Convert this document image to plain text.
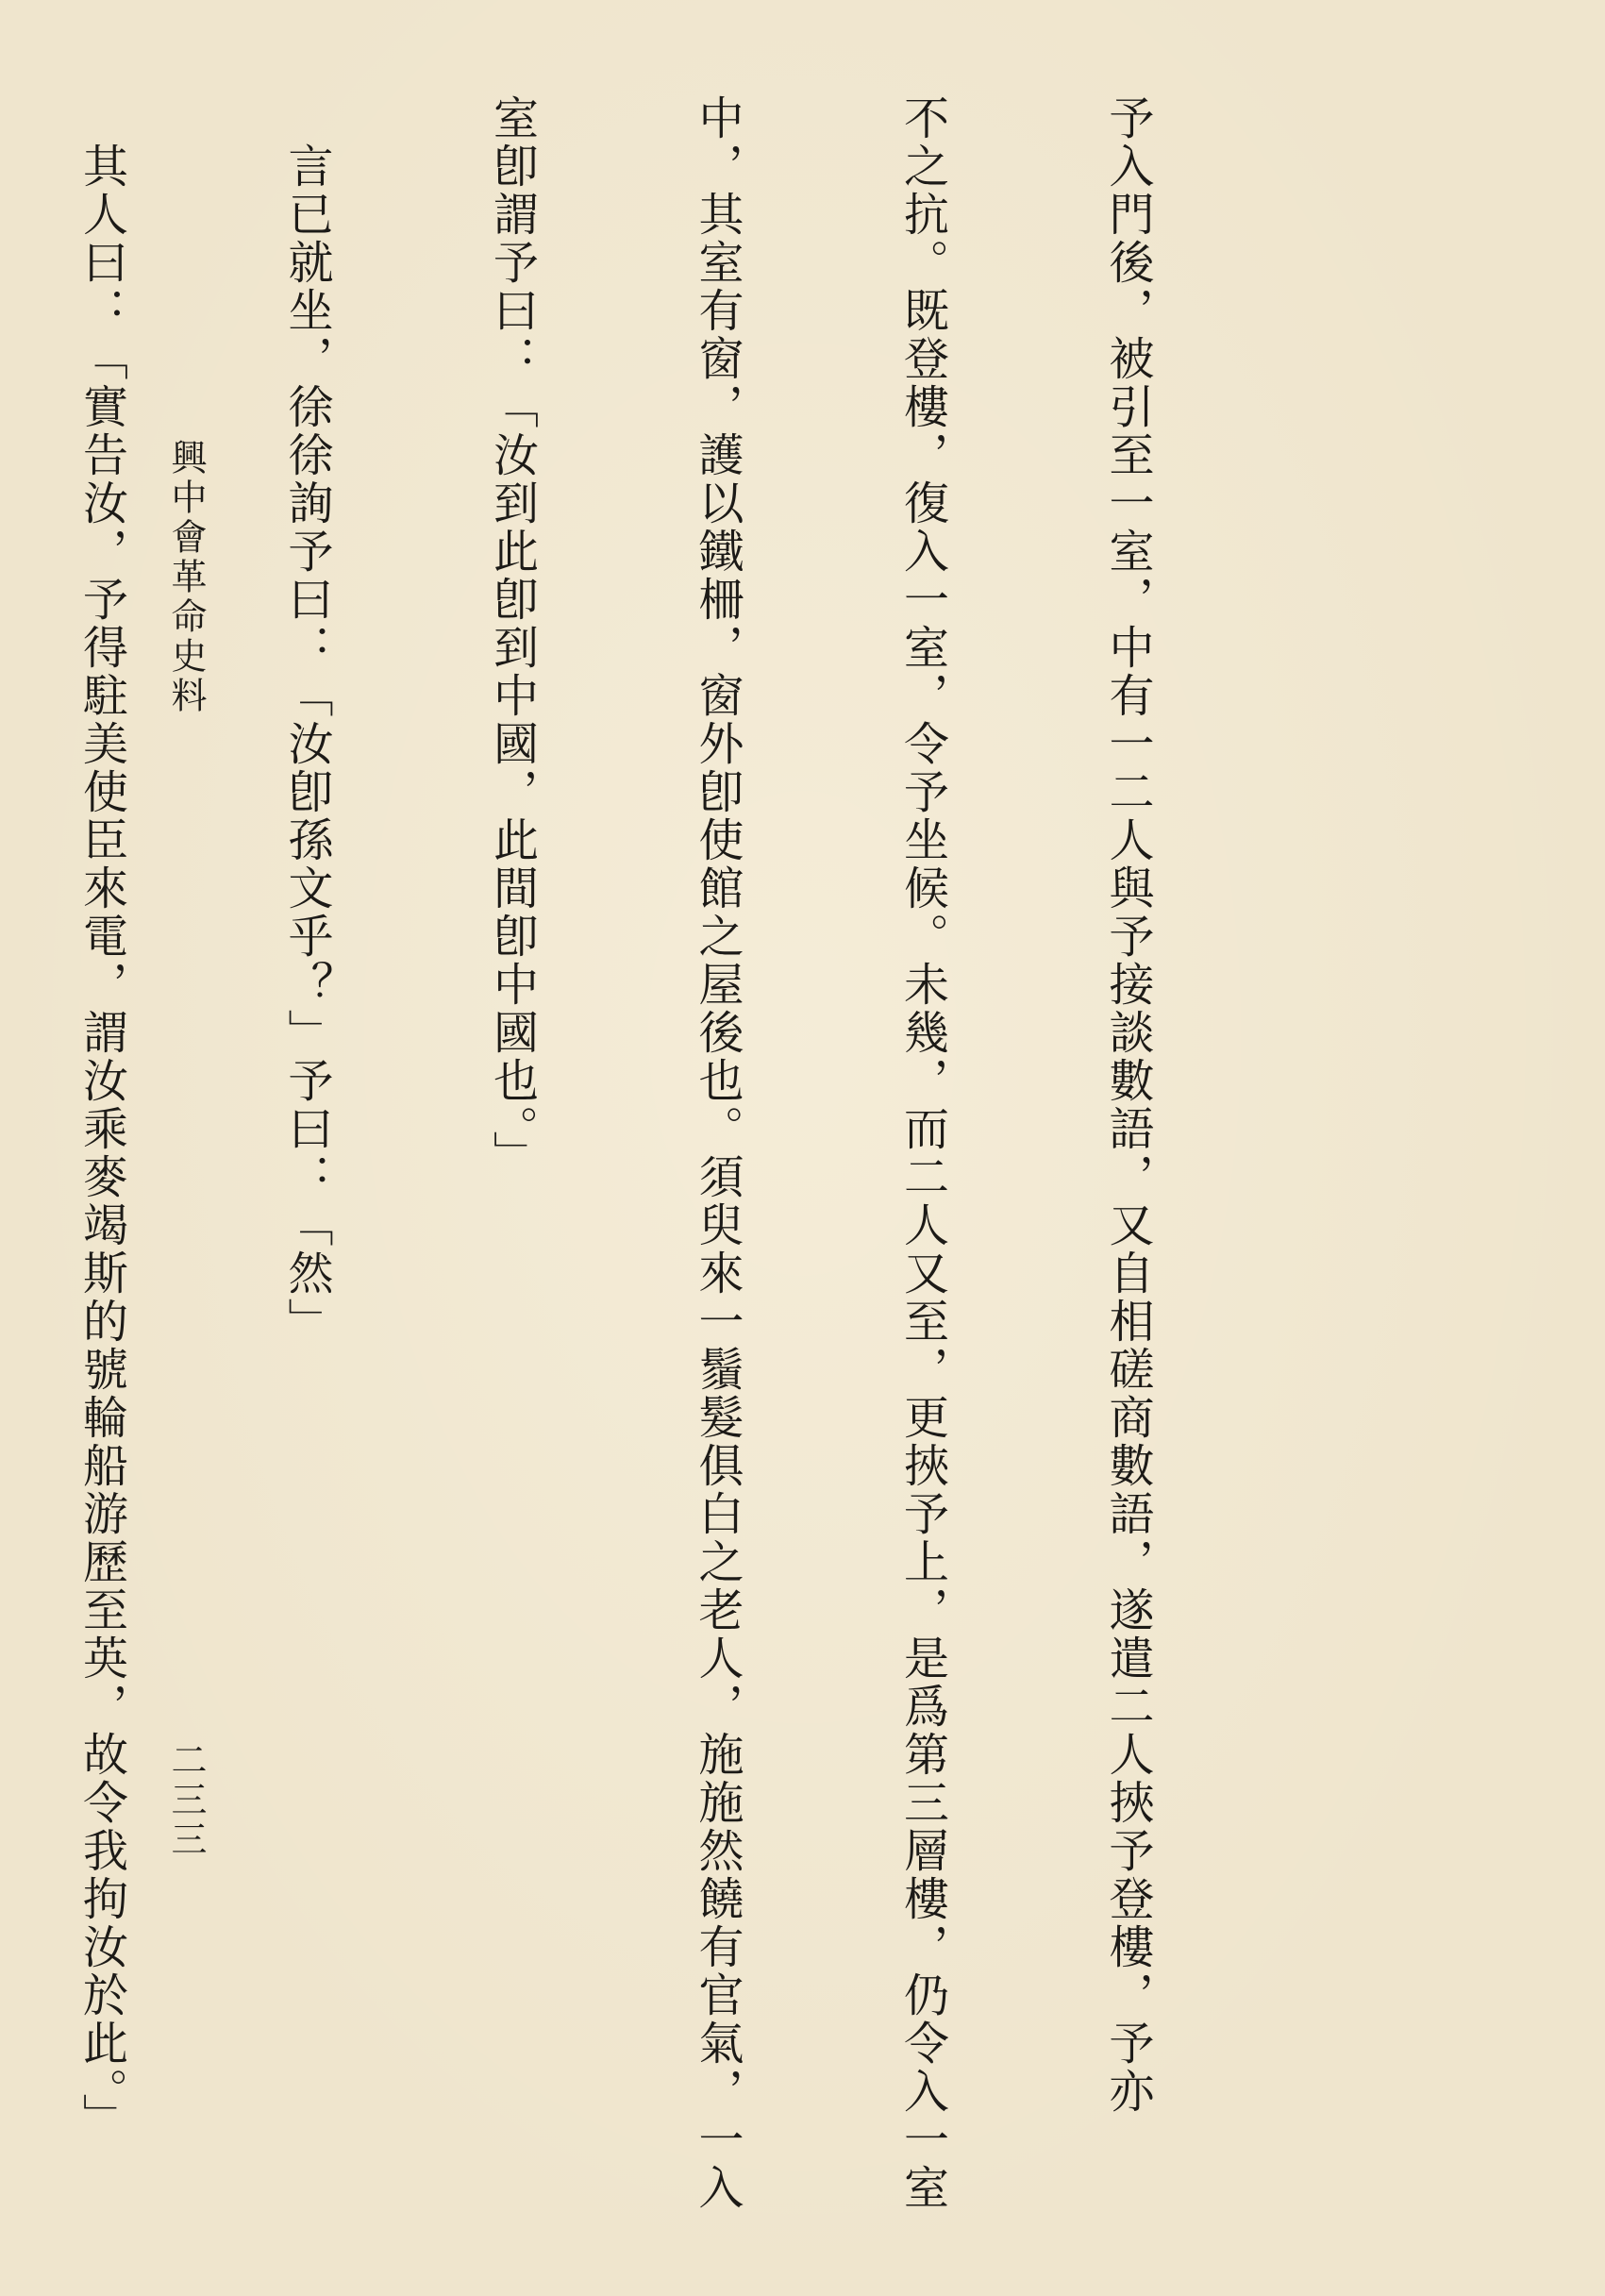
予入門後，被引至一室，中有一二人與予接談數語，又自相磋商數語，遂遣二人挾予登樓，予亦

不之抗。既登樓，復入一室，令予坐候。未幾，而二人又至，更挾予上，是爲第三層樓，仍令入一室

中，其室有窗，護以鐵柵，窗外卽使館之屋後也。須臾來一鬚髮俱白之老人，施施然饒有官氣，一入

室卽謂予曰：「汝到此卽到中國，此間卽中國也。」

　言已就坐，徐徐詢予曰：「汝卽孫文乎？」予曰：「然」

　其人曰：「實告汝，予得駐美使臣來電，謂汝乘麥竭斯的號輪船游歷至英，故令我拘汝於此。」

興中會革命史料
二三三
